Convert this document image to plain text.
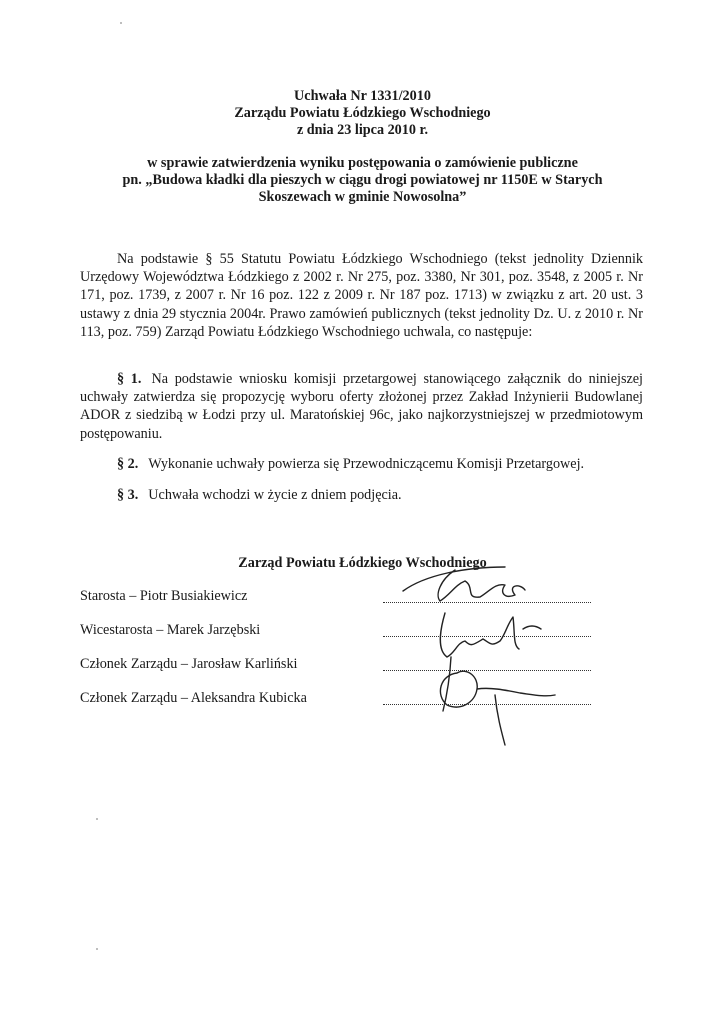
Uchwała Nr 1331/2010
Zarządu Powiatu Łódzkiego Wschodniego
z dnia 23 lipca 2010 r.
w sprawie zatwierdzenia wyniku postępowania o zamówienie publiczne
pn. „Budowa kładki dla pieszych w ciągu drogi powiatowej nr 1150E w Starych
Skoszewach w gminie Nowosolna”
Na podstawie § 55 Statutu Powiatu Łódzkiego Wschodniego (tekst jednolity Dziennik Urzędowy Województwa Łódzkiego z 2002 r. Nr 275, poz. 3380, Nr 301, poz. 3548, z 2005 r. Nr 171, poz. 1739, z 2007 r. Nr 16 poz. 122 z 2009 r. Nr 187 poz. 1713) w związku z art. 20 ust. 3 ustawy z dnia 29 stycznia 2004r. Prawo zamówień publicznych (tekst jednolity Dz. U. z 2010 r. Nr 113, poz. 759) Zarząd Powiatu Łódzkiego Wschodniego uchwala, co następuje:
§ 1. Na podstawie wniosku komisji przetargowej stanowiącego załącznik do niniejszej uchwały zatwierdza się propozycję wyboru oferty złożonej przez Zakład Inżynierii Budowlanej ADOR z siedzibą w Łodzi przy ul. Maratońskiej 96c, jako najkorzystniejszej w przedmiotowym postępowaniu.
§ 2. Wykonanie uchwały powierza się Przewodniczącemu Komisji Przetargowej.
§ 3. Uchwała wchodzi w życie z dniem podjęcia.
Zarząd Powiatu Łódzkiego Wschodniego
Starosta – Piotr Busiakiewicz
Wicestarosta – Marek Jarzębski
Członek Zarządu – Jarosław Karliński
Członek Zarządu – Aleksandra Kubicka
